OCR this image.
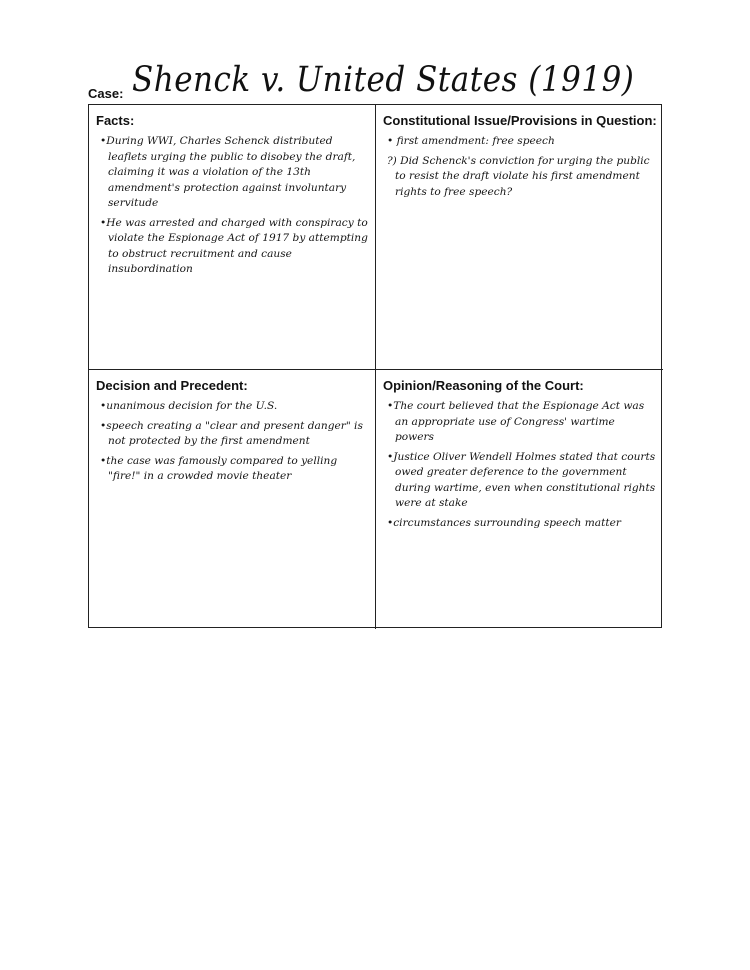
Case: Shenck v. United States (1919)
Facts:

•During WWI, Charles Schenck distributed leaflets urging the public to disobey the draft, claiming it was a violation of the 13th amendment's protection against involuntary servitude

•He was arrested and charged with conspiracy to violate the Espionage Act of 1917 by attempting to obstruct recruitment and cause insubordination

Constitutional Issue/Provisions in Question:

• first amendment: free speech

?) Did Schenck's conviction for urging the public to resist the draft violate his first amendment rights to free speech?

Decision and Precedent:

•unanimous decision for the U.S.

•speech creating a "clear and present danger" is not protected by the first amendment

•the case was famously compared to yelling "fire!" in a crowded movie theater

Opinion/Reasoning of the Court:

•The court believed that the Espionage Act was an appropriate use of Congress' wartime powers

•Justice Oliver Wendell Holmes stated that courts owed greater deference to the government during wartime, even when constitutional rights were at stake

•circumstances surrounding speech matter
